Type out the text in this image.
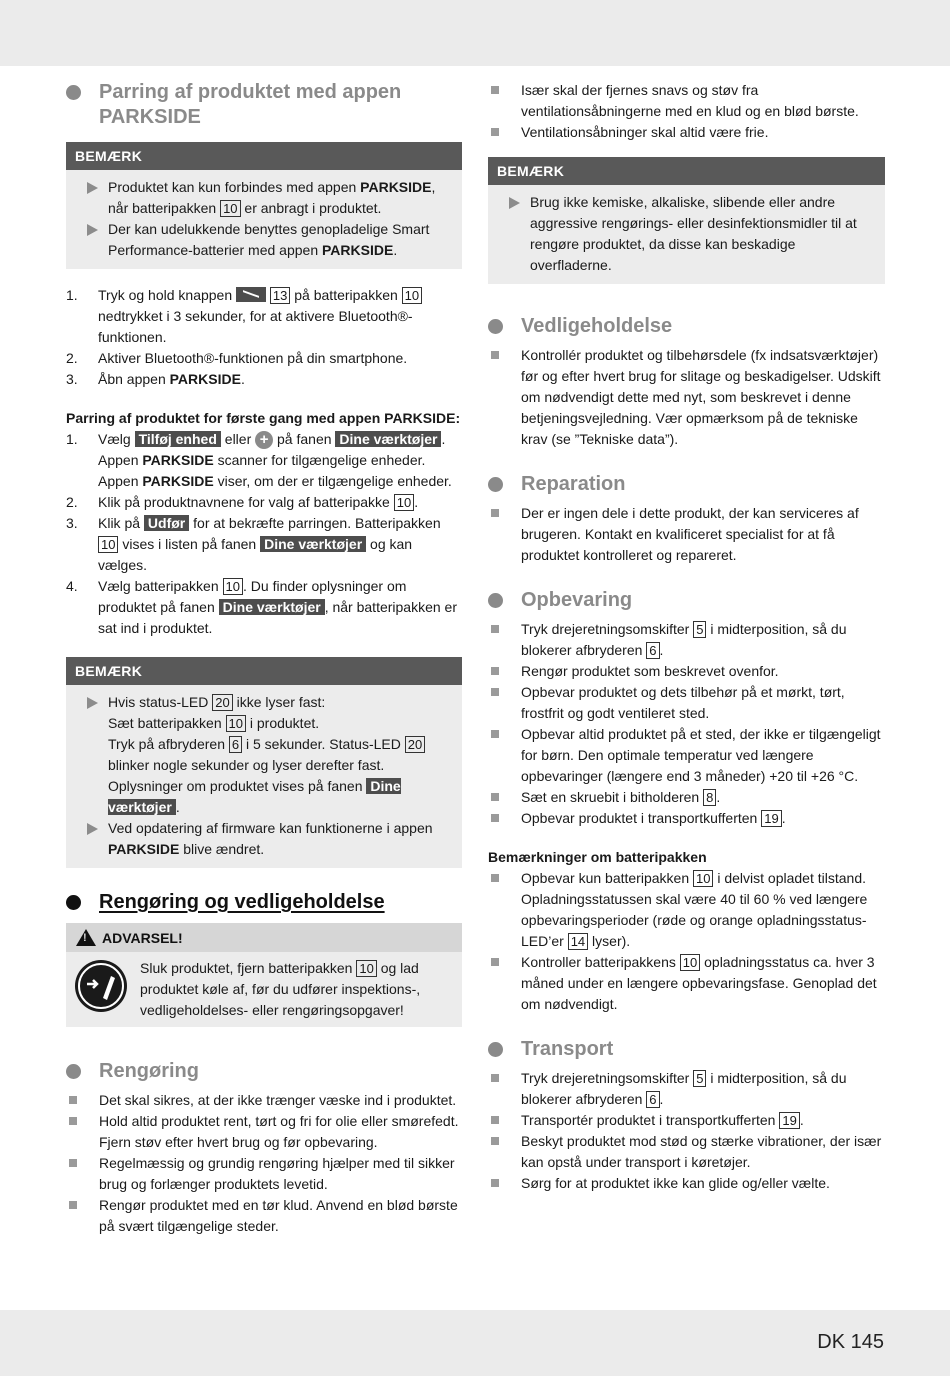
Parring af produktet med appen PARKSIDE
BEMÆRK
Produktet kan kun forbindes med appen PARKSIDE, når batteripakken 10 er anbragt i produktet.
Der kan udelukkende benyttes genopladelige Smart Performance-batterier med appen PARKSIDE.
1. Tryk og hold knappen	13 på batteripakken 10 nedtrykket i 3 sekunder, for at aktivere Bluetooth®-funktionen.
2. Aktiver Bluetooth®-funktionen på din smartphone.
3. Åbn appen PARKSIDE.
Parring af produktet for første gang med appen PARKSIDE:
1. Vælg Tilføj enhed eller + på fanen Dine værktøjer . Appen PARKSIDE scanner for tilgængelige enheder. Appen PARKSIDE viser, om der er tilgængelige enheder.
2. Klik på produktnavnene for valg af batteripakke 10 .
3. Klik på Udfør for at bekræfte parringen. Batteripakken 10 vises i listen på fanen Dine værktøjer og kan vælges.
4. Vælg batteripakken 10 . Du finder oplysninger om produktet på fanen Dine værktøjer , når batteripakken er sat ind i produktet.
BEMÆRK
Hvis status-LED 20 ikke lyser fast:
Sæt batteripakken 10 i produktet.
Tryk på afbryderen 6 i 5 sekunder. Status-LED 20 blinker nogle sekunder og lyser derefter fast.
Oplysninger om produktet vises på fanen Dine værktøjer .
Ved opdatering af firmware kan funktionerne i appen PARKSIDE blive ændret.
Rengøring og vedligeholdelse
!ADVARSEL!
Sluk produktet, fjern batteripakken 10 og lad produktet køle af, før du udfører inspektions-, vedligeholdelses- eller rengøringsopgaver!
Rengøring
Det skal sikres, at der ikke trænger væske ind i produktet.
Hold altid produktet rent, tørt og fri for olie eller smørefedt. Fjern støv efter hvert brug og før opbevaring.
Regelmæssig og grundig rengøring hjælper med til sikker brug og forlænger produktets levetid.
Rengør produktet med en tør klud. Anvend en blød børste på svært tilgængelige steder.
Især skal der fjernes snavs og støv fra ventilationsåbningerne med en klud og en blød børste.
Ventilationsåbninger skal altid være frie.
BEMÆRK
Brug ikke kemiske, alkaliske, slibende eller andre aggressive rengørings- eller desinfektionsmidler til at rengøre produktet, da disse kan beskadige overfladerne.
Vedligeholdelse
Kontrollér produktet og tilbehørsdele (fx indsatsværktøjer) før og efter hvert brug for slitage og beskadigelser. Udskift om nødvendigt dette med nyt, som beskrevet i denne betjeningsvejledning. Vær opmærksom på de tekniske krav (se ”Tekniske data”).
Reparation
Der er ingen dele i dette produkt, der kan serviceres af brugeren. Kontakt en kvalificeret specialist for at få produktet kontrolleret og repareret.
Opbevaring
Tryk drejeretningsomskifter 5 i midterposition, så du blokerer afbryderen 6 .
Rengør produktet som beskrevet ovenfor.
Opbevar produktet og dets tilbehør på et mørkt, tørt, frostfrit og godt ventileret sted.
Opbevar altid produktet på et sted, der ikke er tilgængeligt for børn. Den optimale temperatur ved længere opbevaringer (længere end 3 måneder) +20 til +26 °C.
Sæt en skruebit i bitholderen 8 .
Opbevar produktet i transportkufferten 19 .
Bemærkninger om batteripakken
Opbevar kun batteripakken 10 i delvist opladet tilstand. Opladningsstatussen skal være 40 til 60 % ved længere opbevaringsperioder (røde og orange opladningsstatus-LED’er 14 lyser).
Kontroller batteripakkens 10 opladningsstatus ca. hver 3 måned under en længere opbevaringsfase. Genoplad det om nødvendigt.
Transport
Tryk drejeretningsomskifter 5 i midterposition, så du blokerer afbryderen 6 .
Transportér produktet i transportkufferten 19 .
Beskyt produktet mod stød og stærke vibrationer, der især kan opstå under transport i køretøjer.
Sørg for at produktet ikke kan glide og/eller vælte.
DK 145
